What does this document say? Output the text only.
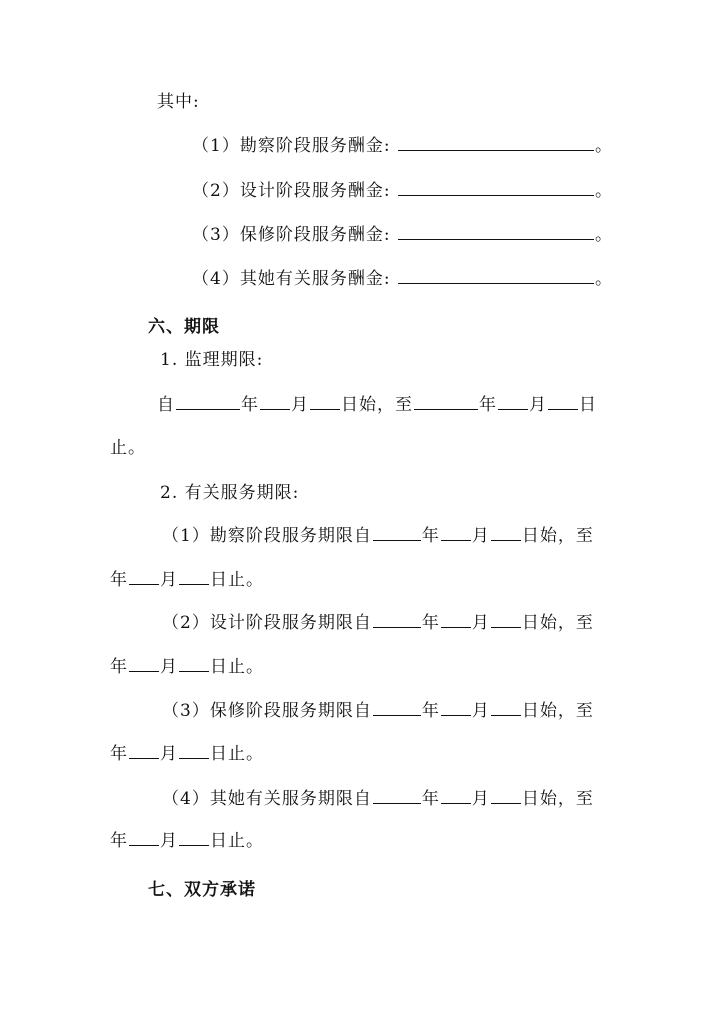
其中:
（1）勘察阶段服务酬金:	。
（2）设计阶段服务酬金:	。
（3）保修阶段服务酬金:	。
（4）其她有关服务酬金:	。
六、期限
1. 监理期限:
自	年 月 日始，至	年 月 日
止。
2. 有关服务期限:
（1）勘察阶段服务期限自	年 月 日始，至
年 月 日止。
（2）设计阶段服务期限自	年 月 日始，至
年 月 日止。
（3）保修阶段服务期限自	年 月 日始，至
年 月 日止。
（4）其她有关服务期限自	年 月 日始，至
年 月 日止。
七、双方承诺
